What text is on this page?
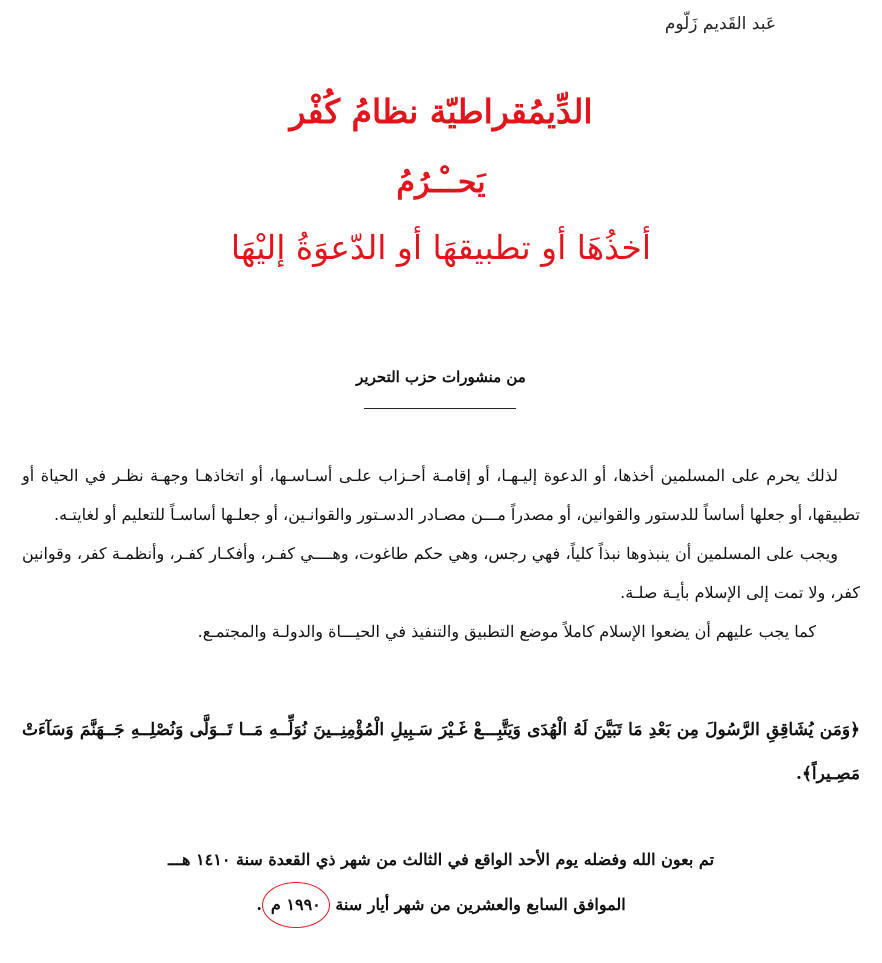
عَبد القَديم زَلّوم
الدِّيمُقراطيّة نظامُ كُفْر
يَحــْـرُمُ
أخذُهَا أو تطبيقهَا أو الدّعوَةُ إليْهَا
من منشورات حزب التحرير

لذلك يحرم على المسلمين أخذها، أو الدعوة إليـهـا، أو إقامـة أحـزاب علـى أسـاسـها، أو اتخاذهـا وجهـة نظـر في الحياة أو تطبيقها، أو جعلها أساساً للدستور والقوانين، أو مصدراً مـــن مصـادر الدسـتور والقوانـين، أو جعلـها أساسـاً للتعليم أو لغايتـه.

ويجب على المسلمين أن ينبذوها نبذاً كلياً، فهي رجس، وهي حكم طاغوت، وهــــي كفـر، وأفكـار كفـر، وأنظمـة كفر، وقوانين كفر، ولا تمت إلى الإسلام بأيـة صلـة.

كما يجب عليهم أن يضعوا الإسلام كاملاً موضع التطبيق والتنفيذ في الحيـــاة والدولـة والمجتمـع.

﴿وَمَن يُشَاقِقِ الرَّسُولَ مِن بَعْدِ مَا تَبَيَّنَ لَهُ الْهُدَى وَيَتَّبِـــعْ غَـيْرَ سَـبِيلِ الْمُؤْمِنِــينَ نُوَلِّــهِ مَــا تَــوَلَّى وَنُصْلِــهِ جَــهَنَّمَ وَسَآءَتْ مَصِـيراً﴾.
تم بعون الله وفضله يوم الأحد الواقع في الثالث من شهر ذي القعدة سنة ١٤١٠ هـــ
الموافق السابع والعشرين من شهر أيار سنة ١٩٩٠ م.
